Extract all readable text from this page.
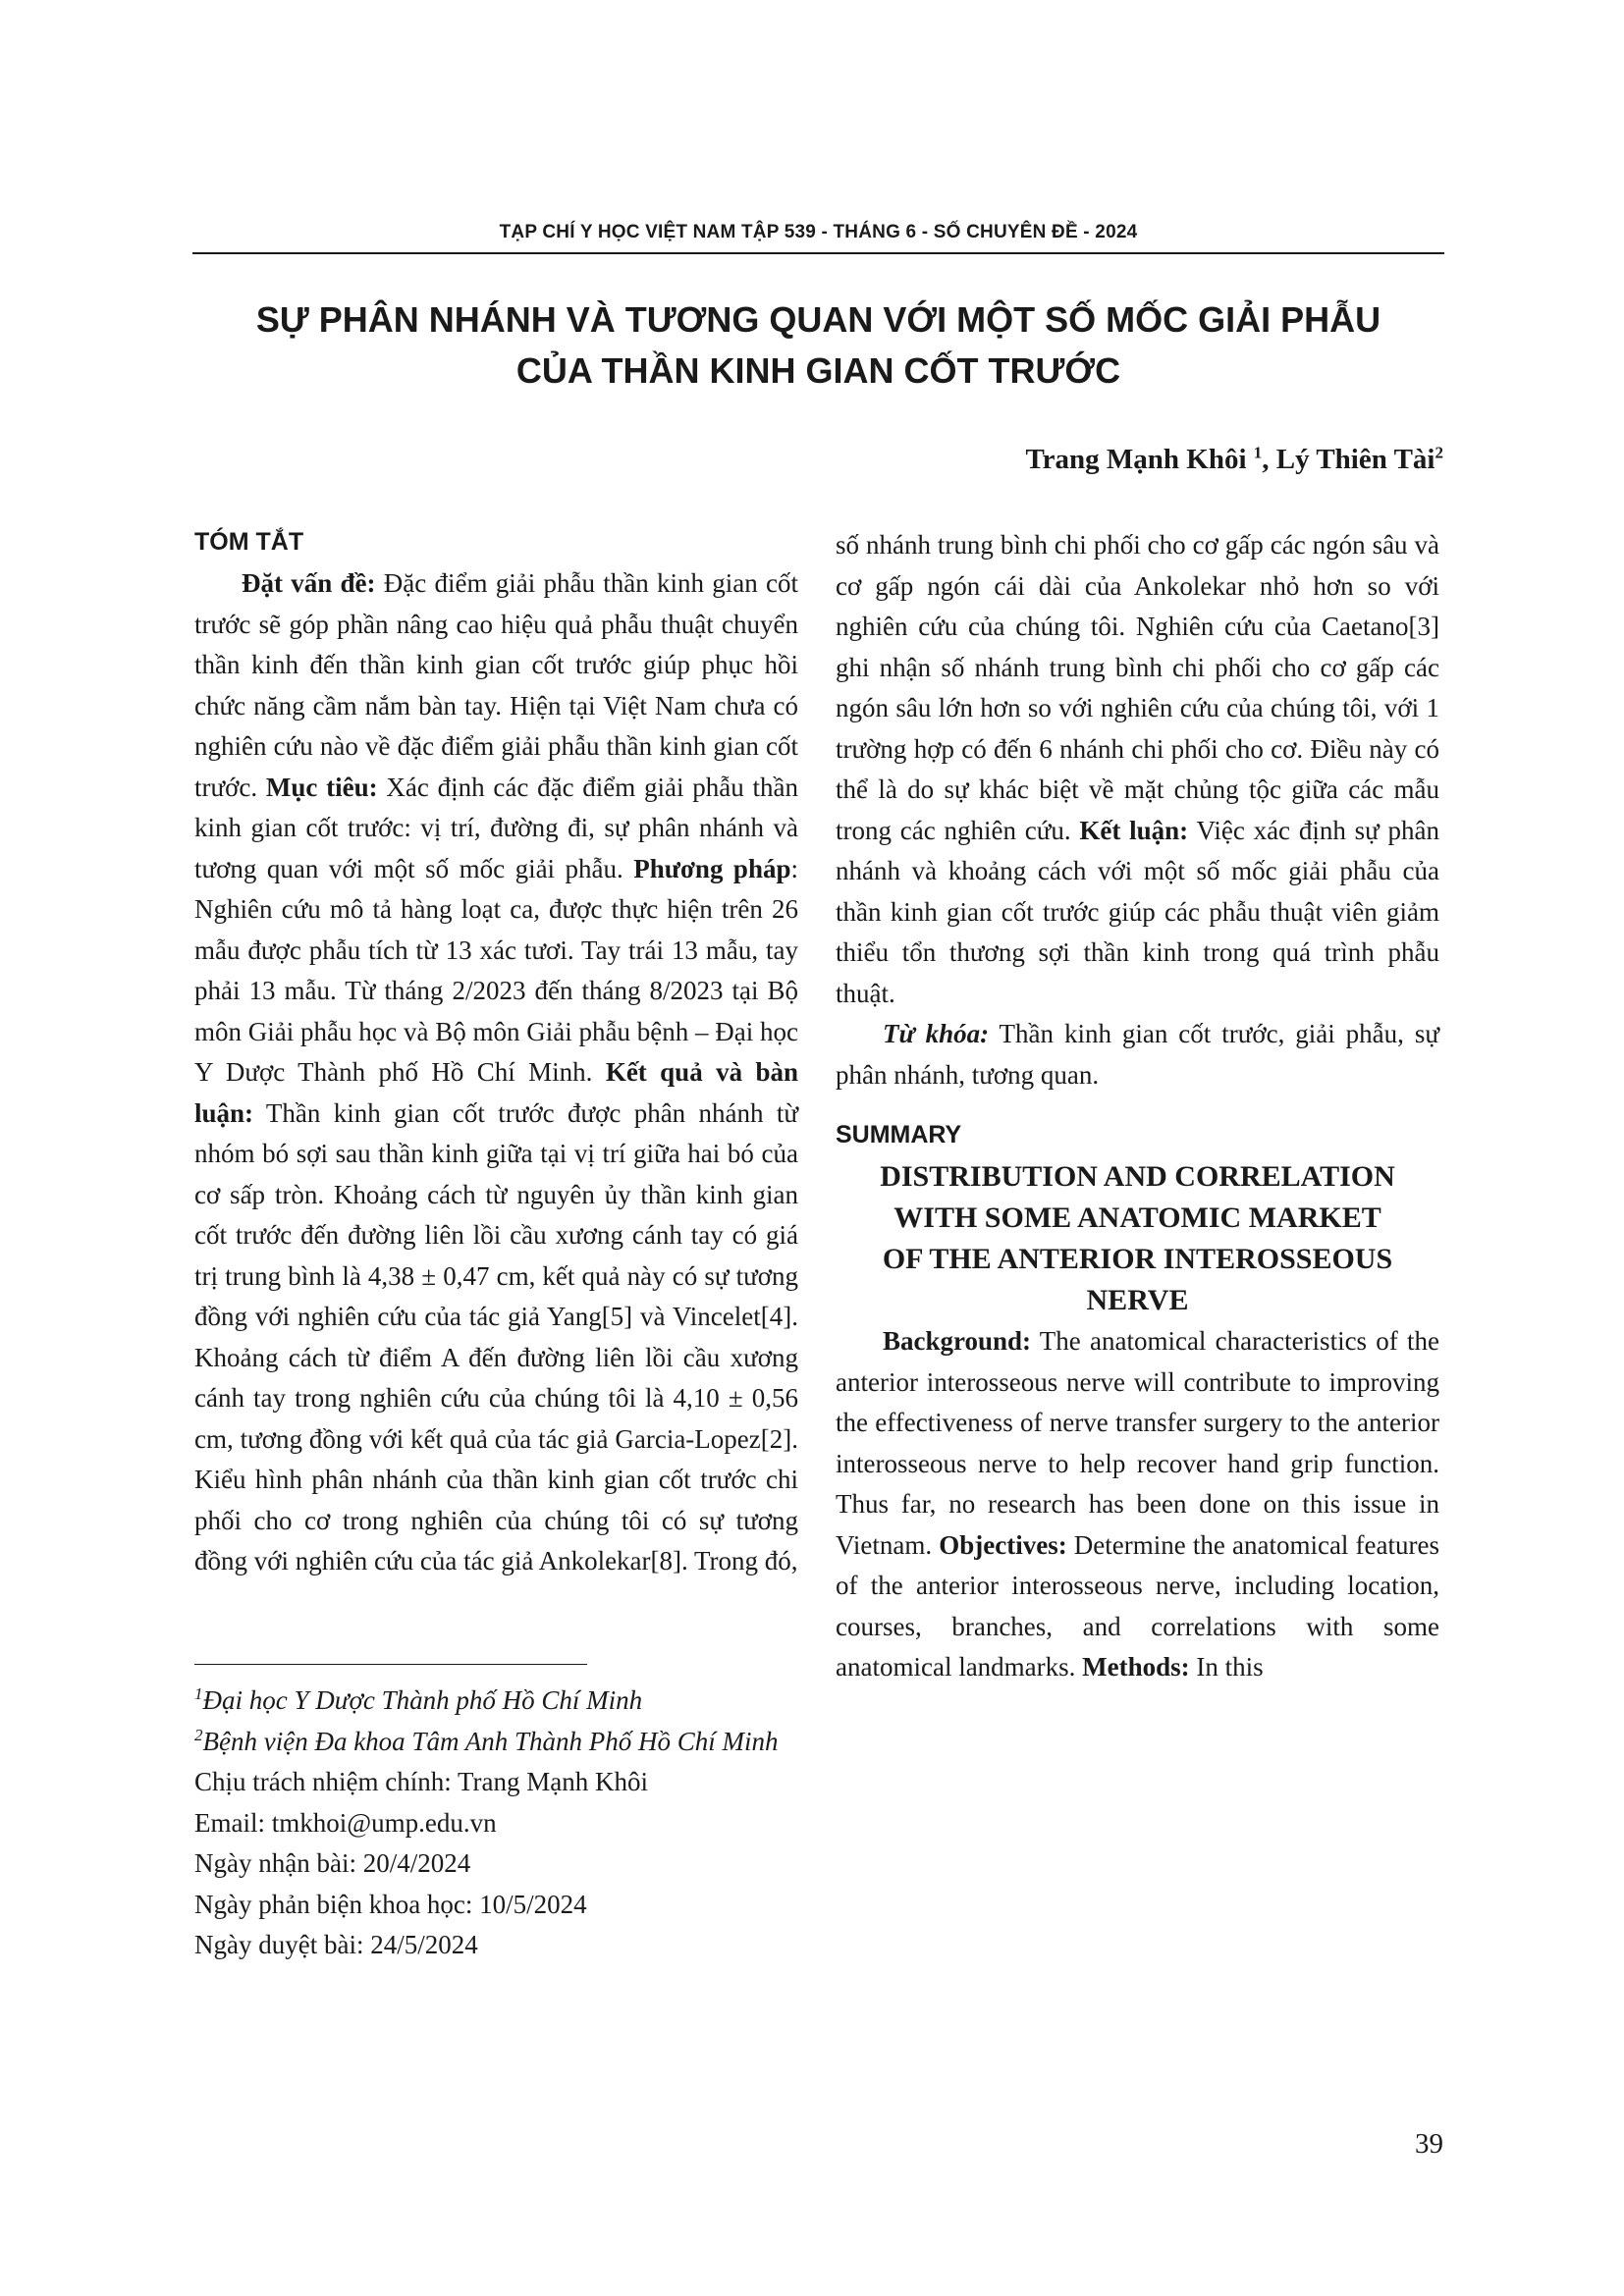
TẠP CHÍ Y HỌC VIỆT NAM TẬP 539 - THÁNG 6 - SỐ CHUYÊN ĐỀ - 2024
SỰ PHÂN NHÁNH VÀ TƯƠNG QUAN VỚI MỘT SỐ MỐC GIẢI PHẪU
CỦA THẦN KINH GIAN CỐT TRƯỚC
Trang Mạnh Khôi $^1$, Lý Thiên Tài$^2$
TÓM TẮT

Đặt vấn đề: Đặc điểm giải phẫu thần kinh gian cốt trước sẽ góp phần nâng cao hiệu quả phẫu thuật chuyển thần kinh đến thần kinh gian cốt trước giúp phục hồi chức năng cầm nắm bàn tay. Hiện tại Việt Nam chưa có nghiên cứu nào về đặc điểm giải phẫu thần kinh gian cốt trước. Mục tiêu: Xác định các đặc điểm giải phẫu thần kinh gian cốt trước: vị trí, đường đi, sự phân nhánh và tương quan với một số mốc giải phẫu. Phương pháp: Nghiên cứu mô tả hàng loạt ca, được thực hiện trên 26 mẫu được phẫu tích từ 13 xác tươi. Tay trái 13 mẫu, tay phải 13 mẫu. Từ tháng 2/2023 đến tháng 8/2023 tại Bộ môn Giải phẫu học và Bộ môn Giải phẫu bệnh – Đại học Y Dược Thành phố Hồ Chí Minh. Kết quả và bàn luận: Thần kinh gian cốt trước được phân nhánh từ nhóm bó sợi sau thần kinh giữa tại vị trí giữa hai bó của cơ sấp tròn. Khoảng cách từ nguyên ủy thần kinh gian cốt trước đến đường liên lồi cầu xương cánh tay có giá trị trung bình là 4,38 ± 0,47 cm, kết quả này có sự tương đồng với nghiên cứu của tác giả Yang[5] và Vincelet[4]. Khoảng cách từ điểm A đến đường liên lồi cầu xương cánh tay trong nghiên cứu của chúng tôi là 4,10 ± 0,56 cm, tương đồng với kết quả của tác giả Garcia-Lopez[2]. Kiểu hình phân nhánh của thần kinh gian cốt trước chi phối cho cơ trong nghiên của chúng tôi có sự tương đồng với nghiên cứu của tác giả Ankolekar[8]. Trong đó,

$^1$Đại học Y Dược Thành phố Hồ Chí Minh

$^2$Bệnh viện Đa khoa Tâm Anh Thành Phố Hồ Chí Minh

Chịu trách nhiệm chính: Trang Mạnh Khôi

Email: tmkhoi@ump.edu.vn

Ngày nhận bài: 20/4/2024

Ngày phản biện khoa học: 10/5/2024

Ngày duyệt bài: 24/5/2024

số nhánh trung bình chi phối cho cơ gấp các ngón sâu và cơ gấp ngón cái dài của Ankolekar nhỏ hơn so với nghiên cứu của chúng tôi. Nghiên cứu của Caetano[3] ghi nhận số nhánh trung bình chi phối cho cơ gấp các ngón sâu lớn hơn so với nghiên cứu của chúng tôi, với 1 trường hợp có đến 6 nhánh chi phối cho cơ. Điều này có thể là do sự khác biệt về mặt chủng tộc giữa các mẫu trong các nghiên cứu. Kết luận: Việc xác định sự phân nhánh và khoảng cách với một số mốc giải phẫu của thần kinh gian cốt trước giúp các phẫu thuật viên giảm thiểu tổn thương sợi thần kinh trong quá trình phẫu thuật.

Từ khóa: Thần kinh gian cốt trước, giải phẫu, sự phân nhánh, tương quan.

SUMMARY

DISTRIBUTION AND CORRELATION

WITH SOME ANATOMIC MARKET

OF THE ANTERIOR INTEROSSEOUS

NERVE

Background: The anatomical characteristics of the anterior interosseous nerve will contribute to improving the effectiveness of nerve transfer surgery to the anterior interosseous nerve to help recover hand grip function. Thus far, no research has been done on this issue in Vietnam. Objectives: Determine the anatomical features of the anterior interosseous nerve, including location, courses, branches, and correlations with some anatomical landmarks. Methods: In this

39
